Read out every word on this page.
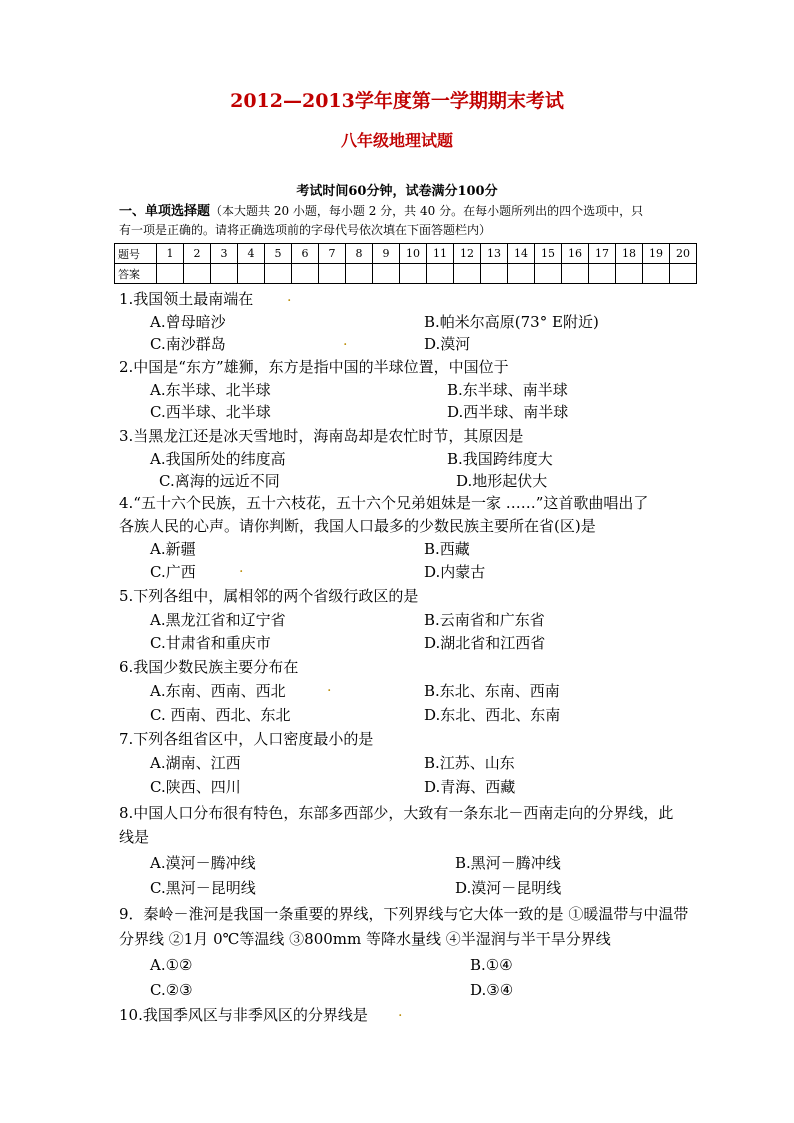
2012—2013学年度第一学期期末考试
八年级地理试题
考试时间60分钟，试卷满分100分
一、单项选择题（本大题共 20 小题，每小题 2 分，共 40 分。在每小题所列出的四个选项中，只
有一项是正确的。请将正确选项前的字母代号依次填在下面答题栏内）
题号	1	2	3	4	5	6	7	8	9	10	11	12	13	14	15	16	17	18	19	20
答案																				
1.我国领土最南端在 .
A.曾母暗沙	B.帕米尔高原(73° E附近)
C.南沙群岛	D.漠河
.
2.中国是“东方”雄狮，东方是指中国的半球位置，中国位于
A.东半球、北半球	B.东半球、南半球
C.西半球、北半球	D.西半球、南半球
3.当黑龙江还是冰天雪地时，海南岛却是农忙时节，其原因是
A.我国所处的纬度高	B.我国跨纬度大
C.离海的远近不同	D.地形起伏大
4.“五十六个民族，五十六枝花，五十六个兄弟姐妹是一家 ……”这首歌曲唱出了
各族人民的心声。请你判断，我国人口最多的少数民族主要所在省(区)是
A.新疆	B.西藏
C.广西	D.内蒙古
.
5.下列各组中，属相邻的两个省级行政区的是
A.黑龙江省和辽宁省	B.云南省和广东省
C.甘肃省和重庆市	D.湖北省和江西省
6.我国少数民族主要分布在
A.东南、西南、西北	.	B.东北、东南、西南
C. 西南、西北、东北	D.东北、西北、东南
7.下列各组省区中，人口密度最小的是
A.湖南、江西	B.江苏、山东
C.陕西、四川	D.青海、西藏
8.中国人口分布很有特色，东部多西部少，大致有一条东北－西南走向的分界线，此
线是
A.漠河－腾冲线	B.黑河－腾冲线
C.黑河－昆明线	D.漠河－昆明线
9．秦岭－淮河是我国一条重要的界线，下列界线与它大体一致的是 ①暖温带与中温带
分界线 ②1月 0℃等温线 ③800mm 等降水量线 ④半湿润与半干旱分界线
A.①②	B.①④
C.②③	D.③④
10.我国季风区与非季风区的分界线是 .
